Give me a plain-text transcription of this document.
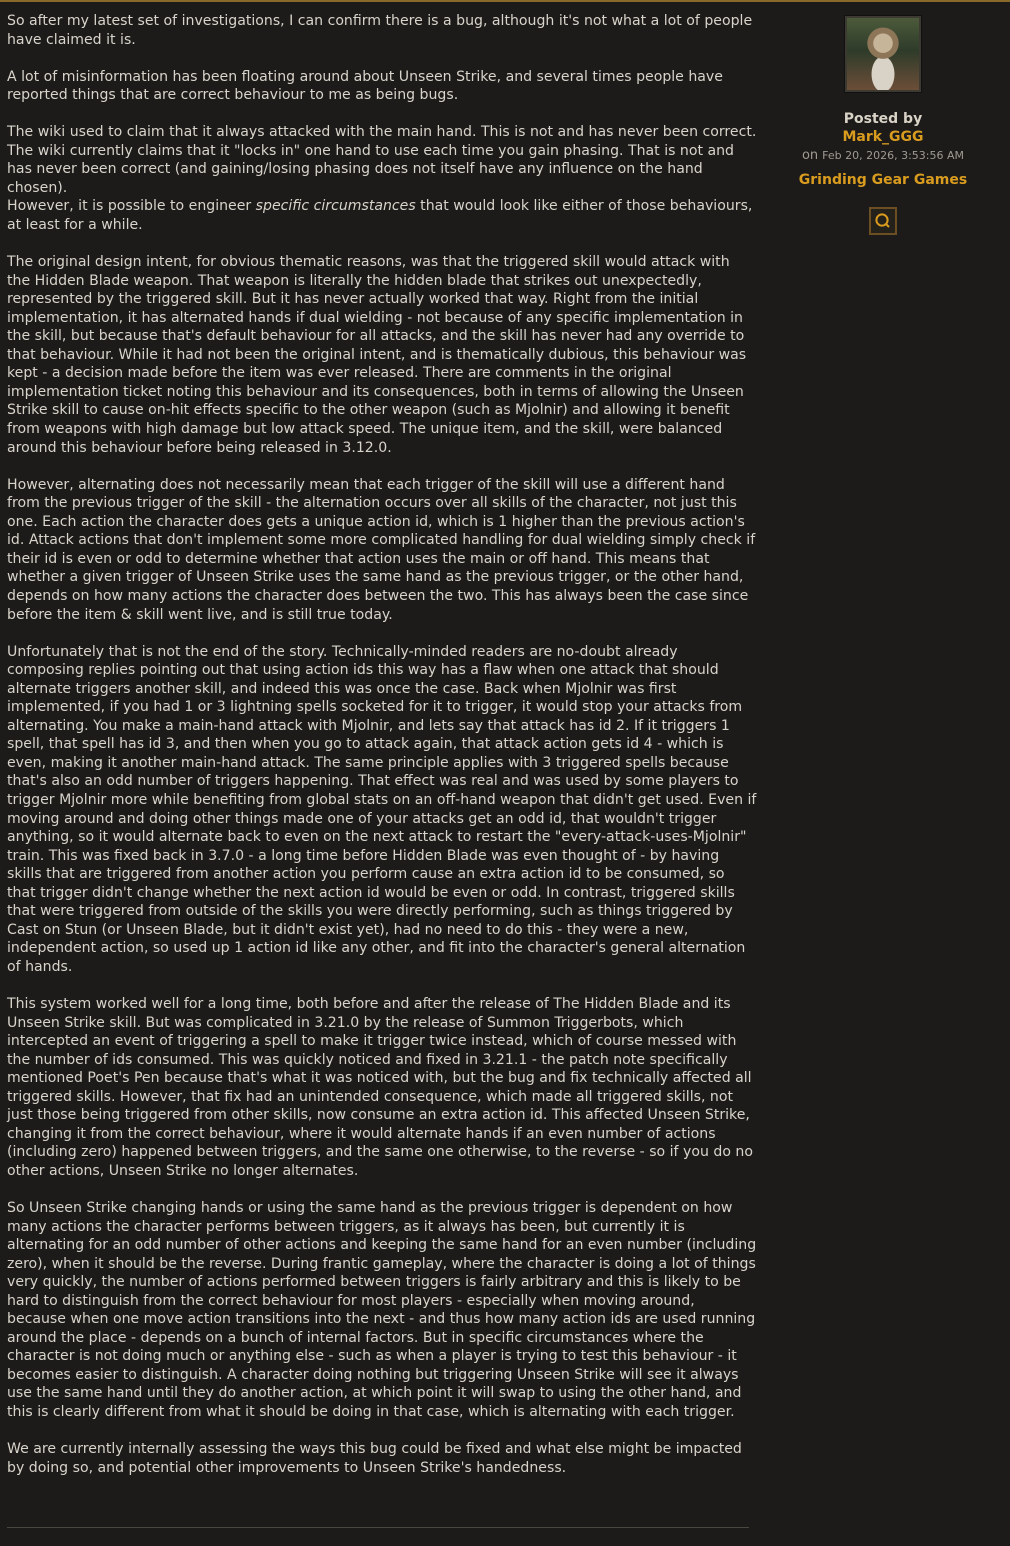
So after my latest set of investigations, I can confirm there is a bug, although it's not what a lot of people have claimed it is.

A lot of misinformation has been floating around about Unseen Strike, and several times people have reported things that are correct behaviour to me as being bugs.

The wiki used to claim that it always attacked with the main hand. This is not and has never been correct.
The wiki currently claims that it "locks in" one hand to use each time you gain phasing. That is not and has never been correct (and gaining/losing phasing does not itself have any influence on the hand chosen).
However, it is possible to engineer specific circumstances that would look like either of those behaviours, at least for a while.

The original design intent, for obvious thematic reasons, was that the triggered skill would attack with the Hidden Blade weapon. That weapon is literally the hidden blade that strikes out unexpectedly, represented by the triggered skill. But it has never actually worked that way. Right from the initial implementation, it has alternated hands if dual wielding - not because of any specific implementation in the skill, but because that's default behaviour for all attacks, and the skill has never had any override to that behaviour. While it had not been the original intent, and is thematically dubious, this behaviour was kept - a decision made before the item was ever released. There are comments in the original implementation ticket noting this behaviour and its consequences, both in terms of allowing the Unseen Strike skill to cause on-hit effects specific to the other weapon (such as Mjolnir) and allowing it benefit from weapons with high damage but low attack speed. The unique item, and the skill, were balanced around this behaviour before being released in 3.12.0.

However, alternating does not necessarily mean that each trigger of the skill will use a different hand from the previous trigger of the skill - the alternation occurs over all skills of the character, not just this one. Each action the character does gets a unique action id, which is 1 higher than the previous action's id. Attack actions that don't implement some more complicated handling for dual wielding simply check if their id is even or odd to determine whether that action uses the main or off hand. This means that whether a given trigger of Unseen Strike uses the same hand as the previous trigger, or the other hand, depends on how many actions the character does between the two. This has always been the case since before the item & skill went live, and is still true today.

Unfortunately that is not the end of the story. Technically-minded readers are no-doubt already composing replies pointing out that using action ids this way has a flaw when one attack that should alternate triggers another skill, and indeed this was once the case. Back when Mjolnir was first implemented, if you had 1 or 3 lightning spells socketed for it to trigger, it would stop your attacks from alternating. You make a main-hand attack with Mjolnir, and lets say that attack has id 2. If it triggers 1 spell, that spell has id 3, and then when you go to attack again, that attack action gets id 4 - which is even, making it another main-hand attack. The same principle applies with 3 triggered spells because that's also an odd number of triggers happening. That effect was real and was used by some players to trigger Mjolnir more while benefiting from global stats on an off-hand weapon that didn't get used. Even if moving around and doing other things made one of your attacks get an odd id, that wouldn't trigger anything, so it would alternate back to even on the next attack to restart the "every-attack-uses-Mjolnir" train. This was fixed back in 3.7.0 - a long time before Hidden Blade was even thought of - by having skills that are triggered from another action you perform cause an extra action id to be consumed, so that trigger didn't change whether the next action id would be even or odd. In contrast, triggered skills that were triggered from outside of the skills you were directly performing, such as things triggered by Cast on Stun (or Unseen Blade, but it didn't exist yet), had no need to do this - they were a new, independent action, so used up 1 action id like any other, and fit into the character's general alternation of hands.

This system worked well for a long time, both before and after the release of The Hidden Blade and its Unseen Strike skill. But was complicated in 3.21.0 by the release of Summon Triggerbots, which intercepted an event of triggering a spell to make it trigger twice instead, which of course messed with the number of ids consumed. This was quickly noticed and fixed in 3.21.1 - the patch note specifically mentioned Poet's Pen because that's what it was noticed with, but the bug and fix technically affected all triggered skills. However, that fix had an unintended consequence, which made all triggered skills, not just those being triggered from other skills, now consume an extra action id. This affected Unseen Strike, changing it from the correct behaviour, where it would alternate hands if an even number of actions (including zero) happened between triggers, and the same one otherwise, to the reverse - so if you do no other actions, Unseen Strike no longer alternates.

So Unseen Strike changing hands or using the same hand as the previous trigger is dependent on how many actions the character performs between triggers, as it always has been, but currently it is alternating for an odd number of other actions and keeping the same hand for an even number (including zero), when it should be the reverse. During frantic gameplay, where the character is doing a lot of things very quickly, the number of actions performed between triggers is fairly arbitrary and this is likely to be hard to distinguish from the correct behaviour for most players - especially when moving around, because when one move action transitions into the next - and thus how many action ids are used running around the place - depends on a bunch of internal factors. But in specific circumstances where the character is not doing much or anything else - such as when a player is trying to test this behaviour - it becomes easier to distinguish. A character doing nothing but triggering Unseen Strike will see it always use the same hand until they do another action, at which point it will swap to using the other hand, and this is clearly different from what it should be doing in that case, which is alternating with each trigger.

We are currently internally assessing the ways this bug could be fixed and what else might be impacted by doing so, and potential other improvements to Unseen Strike's handedness.

Posted by
Mark_GGG
on Feb 20, 2026, 3:53:56 AM
Grinding Gear Games
